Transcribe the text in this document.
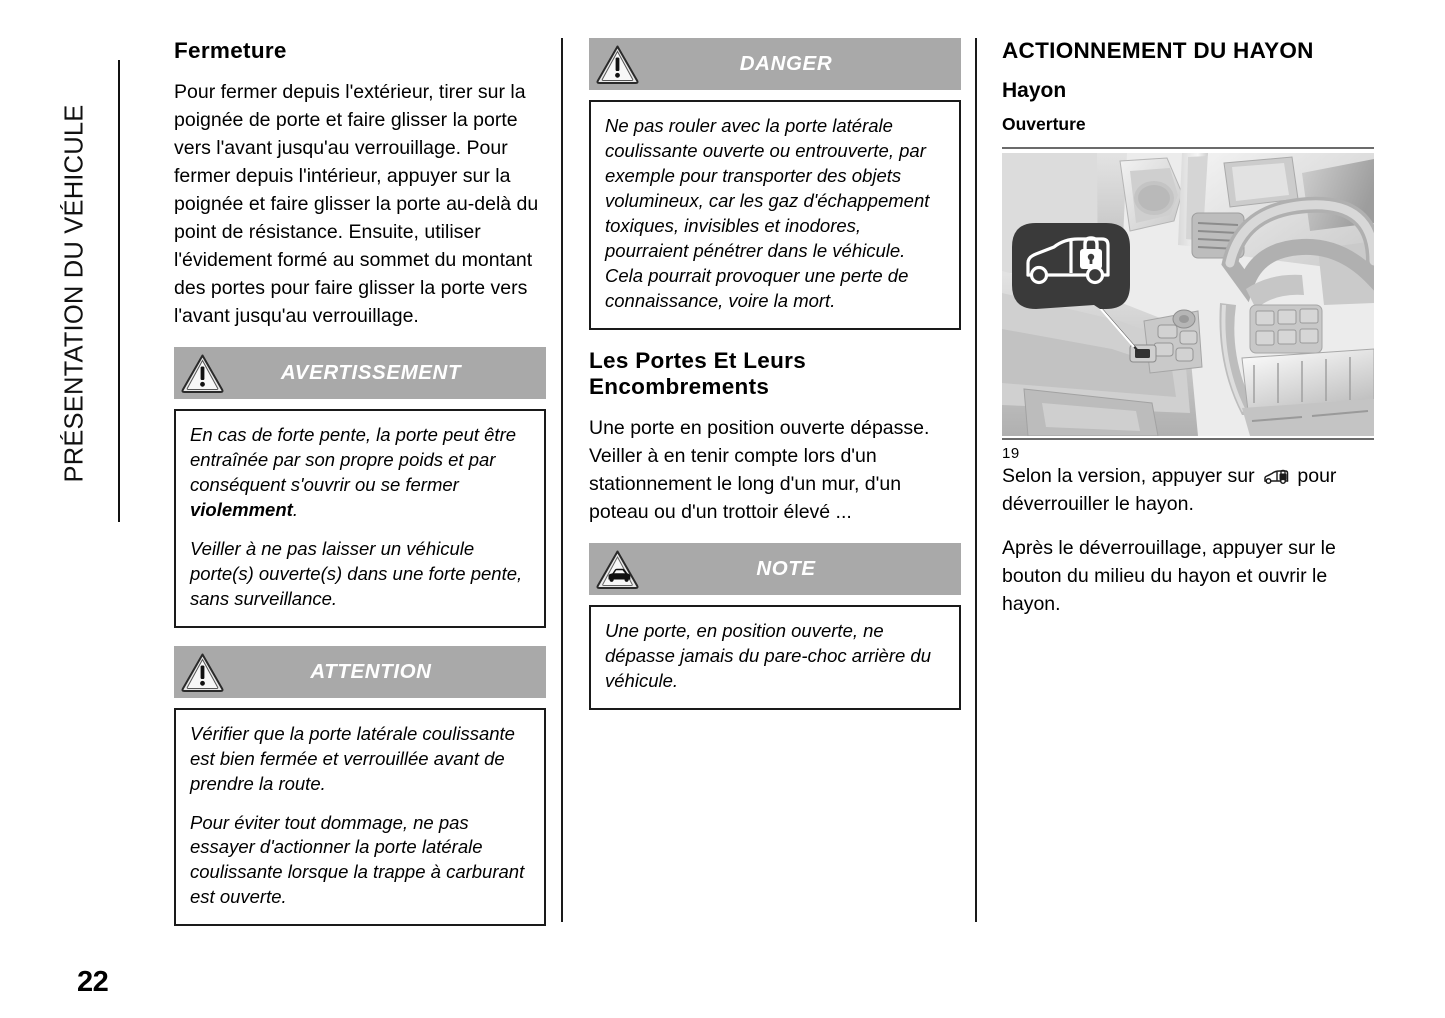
PRÉSENTATION DU VÉHICULE
Fermeture

Pour fermer depuis l'extérieur, tirer sur la poignée de porte et faire glisser la porte vers l'avant jusqu'au verrouillage. Pour fermer depuis l'intérieur, appuyer sur la poignée et faire glisser la porte au-delà du point de résistance. Ensuite, utiliser l'évidement formé au sommet du montant des portes pour faire glisser la porte vers l'avant jusqu'au verrouillage.

AVERTISSEMENT

En cas de forte pente, la porte peut être entraînée par son propre poids et par conséquent s'ouvrir ou se fermer violemment.

Veiller à ne pas laisser un véhicule porte(s) ouverte(s) dans une forte pente, sans surveillance.

ATTENTION

Vérifier que la porte latérale coulissante est bien fermée et verrouillée avant de prendre la route.

Pour éviter tout dommage, ne pas essayer d'actionner la porte latérale coulissante lorsque la trappe à carburant est ouverte.

DANGER

Ne pas rouler avec la porte latérale coulissante ouverte ou entrouverte, par exemple pour transporter des objets volumineux, car les gaz d'échappement toxiques, invisibles et inodores, pourraient pénétrer dans le véhicule. Cela pourrait provoquer une perte de connaissance, voire la mort.

Les Portes Et Leurs Encombrements

Une porte en position ouverte dépasse. Veiller à en tenir compte lors d'un stationnement le long d'un mur, d'un poteau ou d'un trottoir élevé ...

NOTE

Une porte, en position ouverte, ne dépasse jamais du pare-choc arrière du véhicule.

ACTIONNEMENT DU HAYON
Hayon
Ouverture

19

Selon la version, appuyer sur  pour déverrouiller le hayon.

Après le déverrouillage, appuyer sur le bouton du milieu du hayon et ouvrir le hayon.

22
